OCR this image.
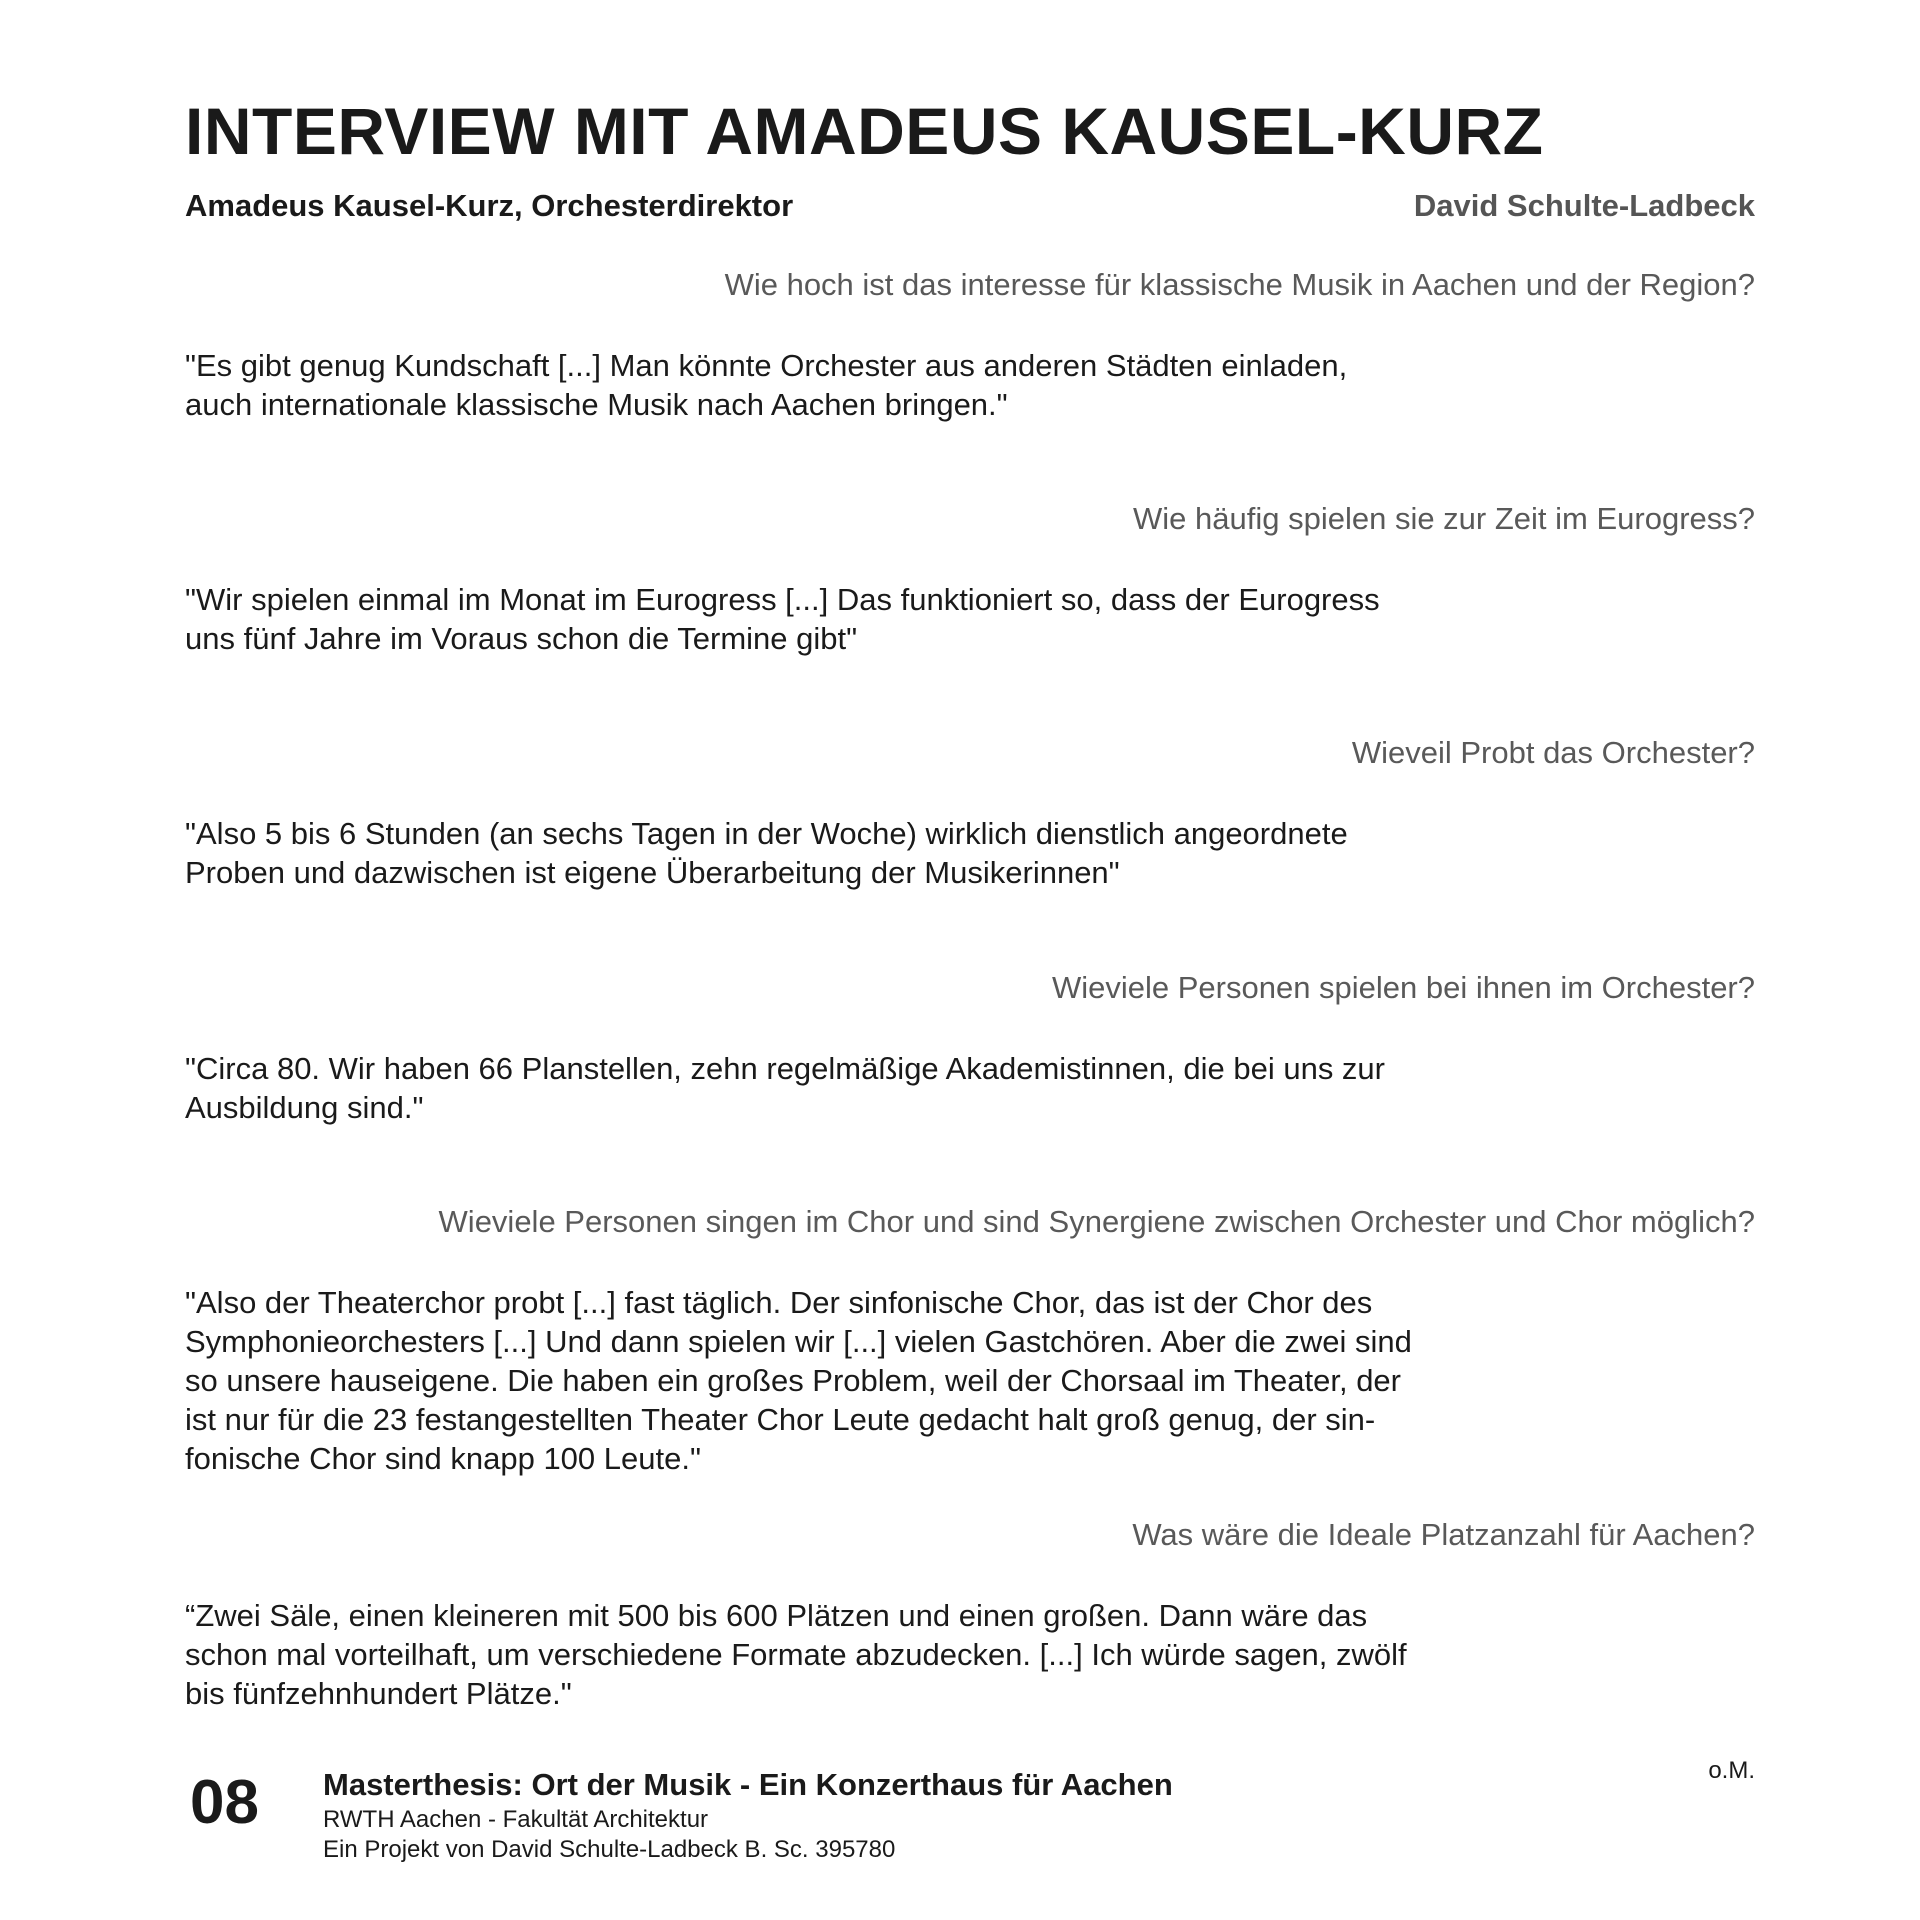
INTERVIEW MIT AMADEUS KAUSEL-KURZ
Amadeus Kausel-Kurz, Orchesterdirektor	David Schulte-Ladbeck
Wie hoch ist das interesse für klassische Musik in Aachen und der Region?
"Es gibt genug Kundschaft [...] Man könnte Orchester aus anderen Städten einladen,
auch internationale klassische Musik nach Aachen bringen."
Wie häufig spielen sie zur Zeit im Eurogress?
"Wir spielen einmal im Monat im Eurogress [...] Das funktioniert so, dass der Eurogress
uns fünf Jahre im Voraus schon die Termine gibt"
Wieveil Probt das Orchester?
"Also 5 bis 6 Stunden (an sechs Tagen in der Woche) wirklich dienstlich angeordnete
Proben und dazwischen ist eigene Überarbeitung der Musikerinnen"
Wieviele Personen spielen bei ihnen im Orchester?
"Circa 80. Wir haben 66 Planstellen, zehn regelmäßige Akademistinnen, die bei uns zur
Ausbildung sind."
Wieviele Personen singen im Chor und sind Synergiene zwischen Orchester und Chor möglich?
"Also der Theaterchor probt [...] fast täglich. Der sinfonische Chor, das ist der Chor des
Symphonieorchesters [...] Und dann spielen wir [...] vielen Gastchören. Aber die zwei sind
so unsere hauseigene. Die haben ein großes Problem, weil der Chorsaal im Theater, der
ist nur für die 23 festangestellten Theater Chor Leute gedacht halt groß genug, der sin-
fonische Chor sind knapp 100 Leute."
Was wäre die Ideale Platzanzahl für Aachen?
“Zwei Säle, einen kleineren mit 500 bis 600 Plätzen und einen großen. Dann wäre das
schon mal vorteilhaft, um verschiedene Formate abzudecken. [...] Ich würde sagen, zwölf
bis fünfzehnhundert Plätze."
08 Masterthesis: Ort der Musik - Ein Konzerthaus für Aachen
RWTH Aachen - Fakultät Architektur
Ein Projekt von David Schulte-Ladbeck B. Sc. 395780
o.M.
